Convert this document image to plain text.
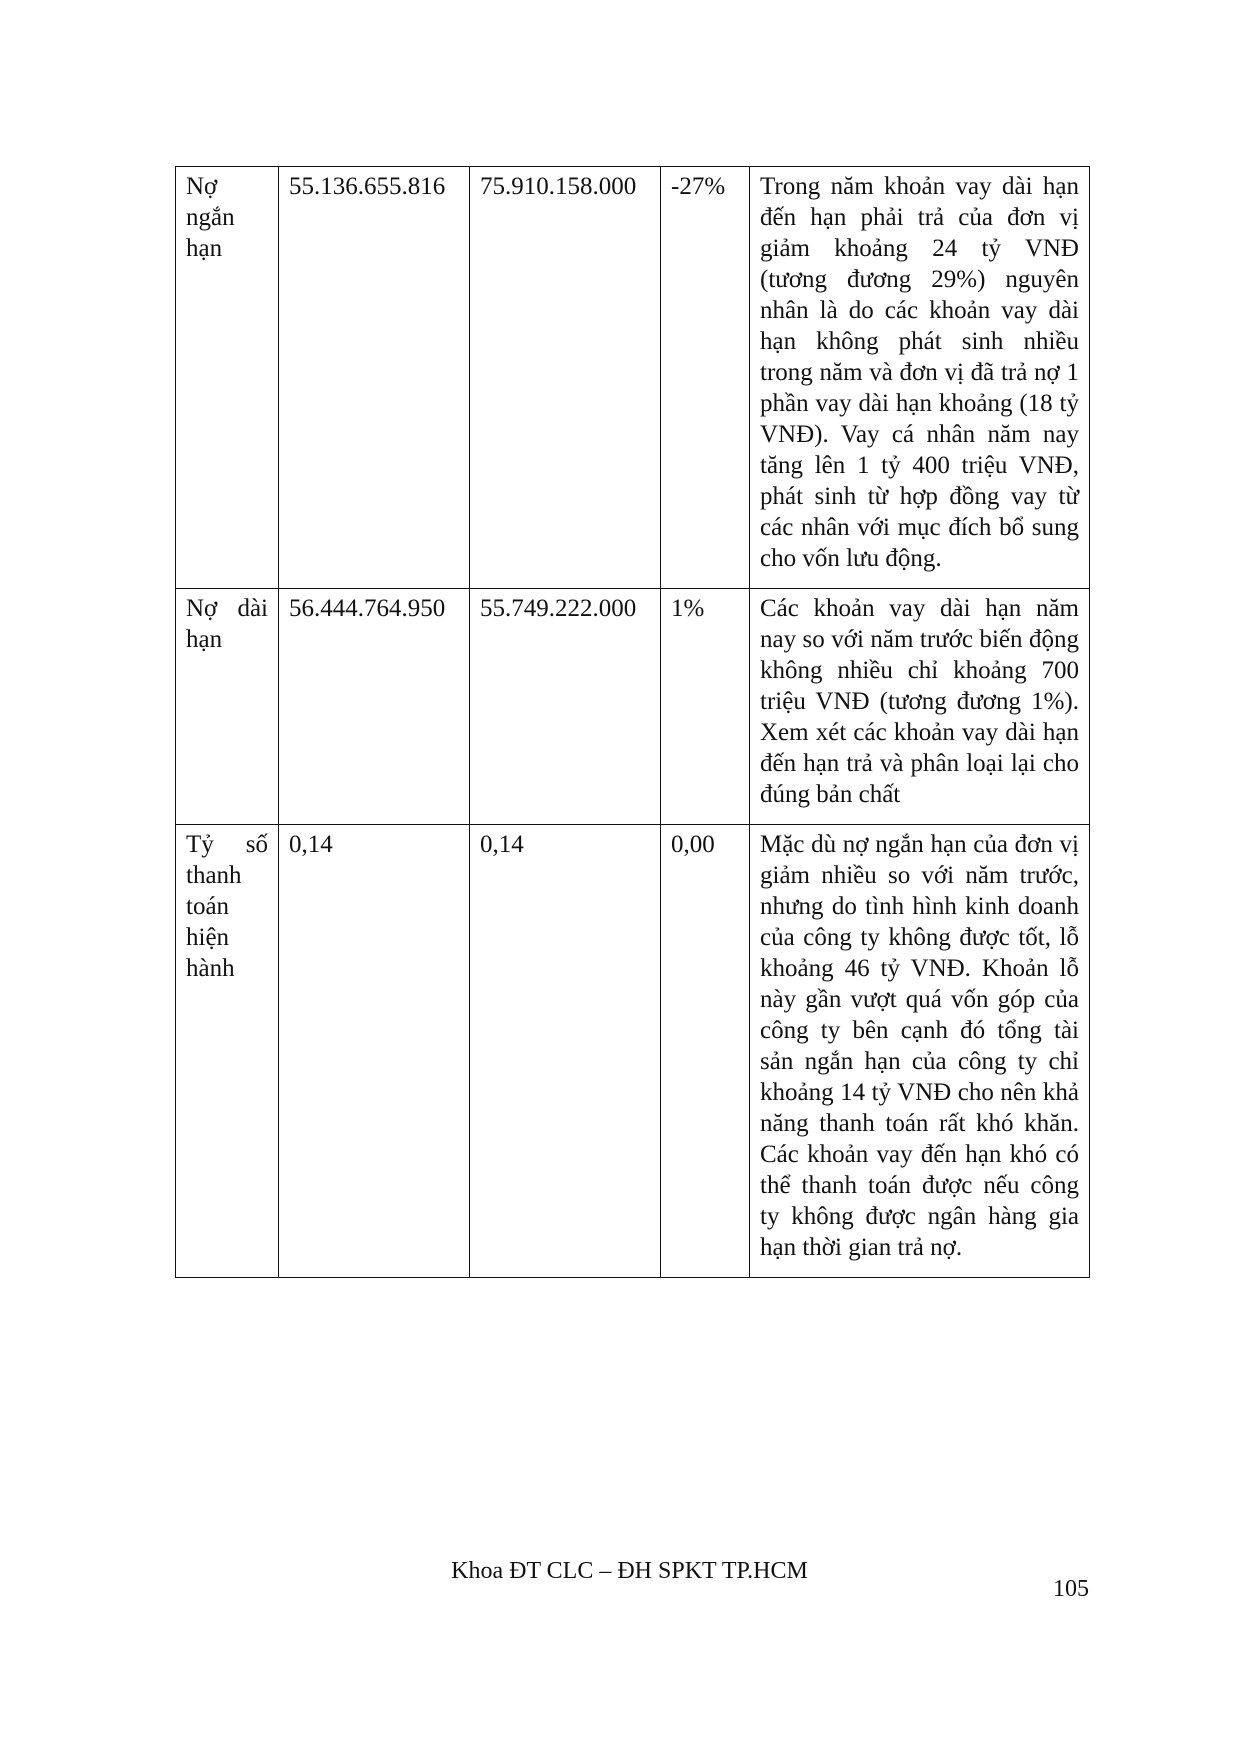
Nợ ngắn hạn	55.136.655.816	75.910.158.000	-27%	Trong năm khoản vay dài hạn đến hạn phải trả của đơn vị giảm khoảng 24 tỷ VNĐ (tương đương 29%) nguyên nhân là do các khoản vay dài hạn không phát sinh nhiều trong năm và đơn vị đã trả nợ 1 phần vay dài hạn khoảng (18 tỷ VNĐ). Vay cá nhân năm nay tăng lên 1 tỷ 400 triệu VNĐ, phát sinh từ hợp đồng vay từ các nhân với mục đích bổ sung cho vốn lưu động.
Nợ dài hạn	56.444.764.950	55.749.222.000	1%	Các khoản vay dài hạn năm nay so với năm trước biến động không nhiều chỉ khoảng 700 triệu VNĐ (tương đương 1%). Xem xét các khoản vay dài hạn đến hạn trả và phân loại lại cho đúng bản chất
Tỷ số thanh toán hiện hành	0,14	0,14	0,00	Mặc dù nợ ngắn hạn của đơn vị giảm nhiều so với năm trước, nhưng do tình hình kinh doanh của công ty không được tốt, lỗ khoảng 46 tỷ VNĐ. Khoản lỗ này gần vượt quá vốn góp của công ty bên cạnh đó tổng tài sản ngắn hạn của công ty chỉ khoảng 14 tỷ VNĐ cho nên khả năng thanh toán rất khó khăn. Các khoản vay đến hạn khó có thể thanh toán được nếu công ty không được ngân hàng gia hạn thời gian trả nợ.
Khoa ĐT CLC – ĐH SPKT TP.HCM
105
